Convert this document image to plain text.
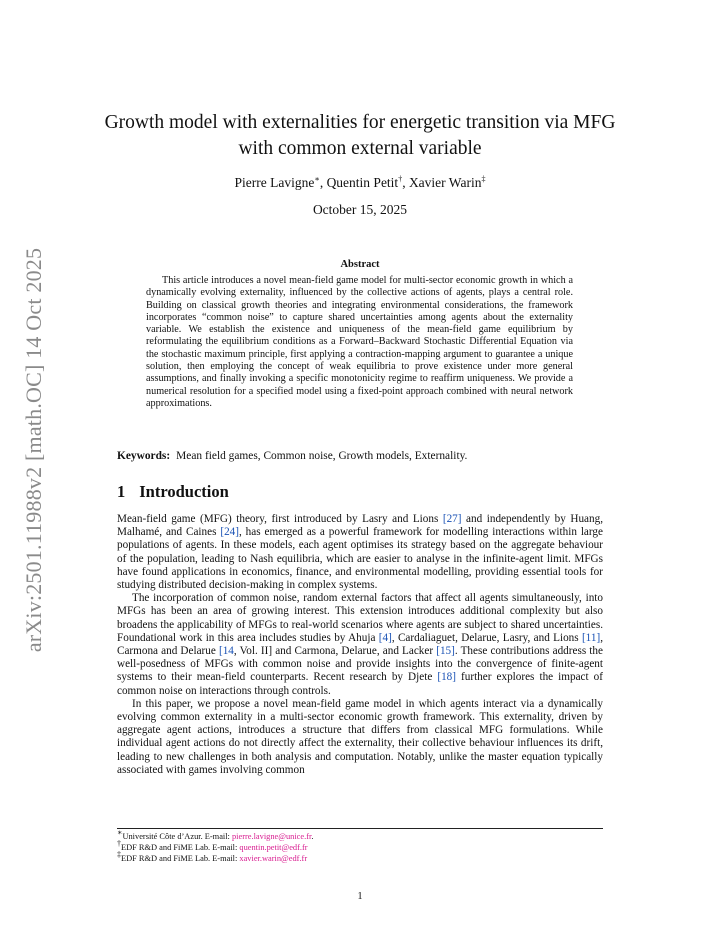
arXiv:2501.11988v2 [math.OC] 14 Oct 2025
Growth model with externalities for energetic transition via MFG with common external variable
Pierre Lavigne∗, Quentin Petit†, Xavier Warin‡
October 15, 2025
Abstract
This article introduces a novel mean-field game model for multi-sector economic growth in which a dynamically evolving externality, influenced by the collective actions of agents, plays a central role. Building on classical growth theories and integrating environmental considerations, the framework incorporates “common noise” to capture shared uncertainties among agents about the externality variable. We establish the existence and uniqueness of the mean-field game equilibrium by reformulating the equilibrium conditions as a Forward–Backward Stochastic Differential Equation via the stochastic maximum principle, first applying a contraction-mapping argument to guarantee a unique solution, then employing the concept of weak equilibria to prove existence under more general assumptions, and finally invoking a specific monotonicity regime to reaffirm uniqueness. We provide a numerical resolution for a specified model using a fixed-point approach combined with neural network approximations.
Keywords: Mean field games, Common noise, Growth models, Externality.
1 Introduction

Mean-field game (MFG) theory, first introduced by Lasry and Lions [27] and independently by Huang, Malhamé, and Caines [24], has emerged as a powerful framework for modelling interactions within large populations of agents. In these models, each agent optimises its strategy based on the aggregate behaviour of the population, leading to Nash equilibria, which are easier to analyse in the infinite-agent limit. MFGs have found applications in economics, finance, and environmental modelling, providing essential tools for studying distributed decision-making in complex systems.

The incorporation of common noise, random external factors that affect all agents simultaneously, into MFGs has been an area of growing interest. This extension introduces additional complexity but also broadens the applicability of MFGs to real-world scenarios where agents are subject to shared uncertainties. Foundational work in this area includes studies by Ahuja [4], Cardaliaguet, Delarue, Lasry, and Lions [11], Carmona and Delarue [14, Vol. II] and Carmona, Delarue, and Lacker [15]. These contributions address the well-posedness of MFGs with common noise and provide insights into the convergence of finite-agent systems to their mean-field counterparts. Recent research by Djete [18] further explores the impact of common noise on interactions through controls.

In this paper, we propose a novel mean-field game model in which agents interact via a dynamically evolving common externality in a multi-sector economic growth framework. This externality, driven by aggregate agent actions, introduces a structure that differs from classical MFG formulations. While individual agent actions do not directly affect the externality, their collective behaviour influences its drift, leading to new challenges in both analysis and computation. Notably, unlike the master equation typically associated with games involving common

∗Université Côte d’Azur. E-mail: pierre.lavigne@unice.fr.
†EDF R&D and FiME Lab. E-mail: quentin.petit@edf.fr
‡EDF R&D and FiME Lab. E-mail: xavier.warin@edf.fr
1
